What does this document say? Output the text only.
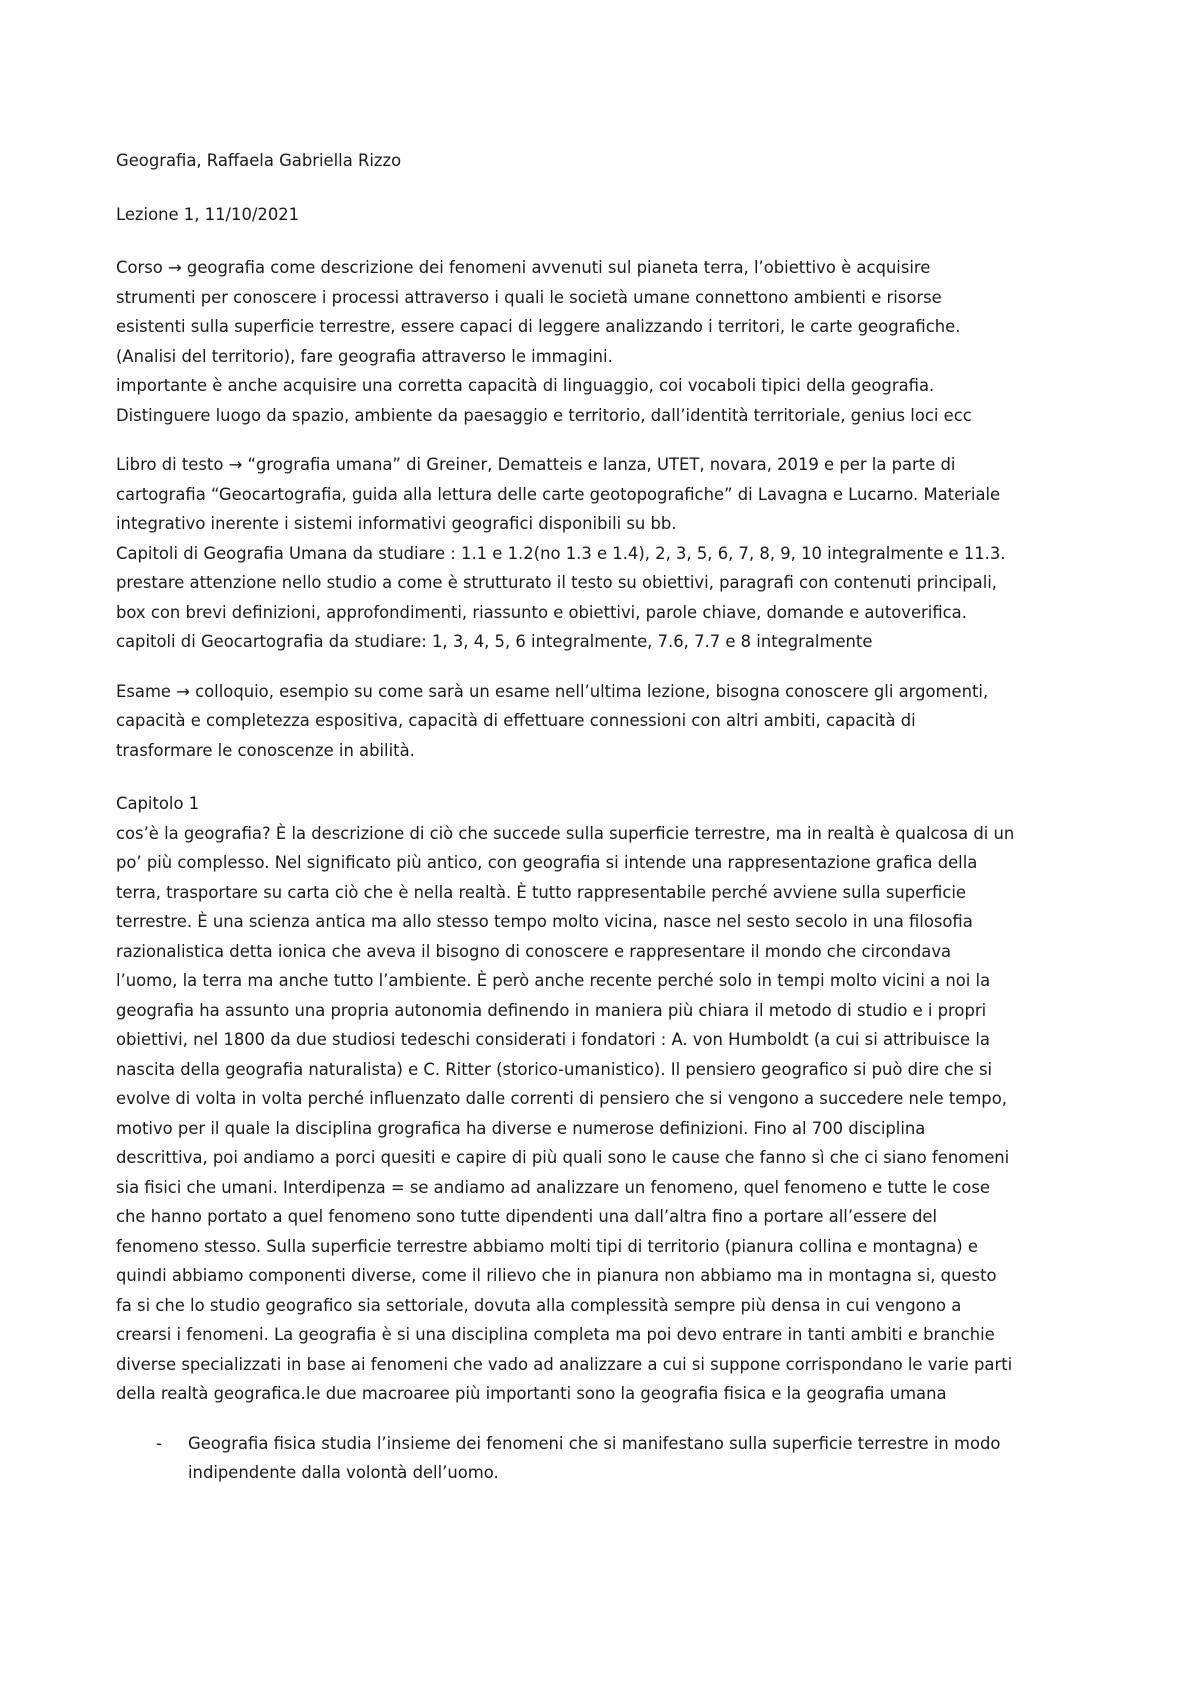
Geografia, Raffaela Gabriella Rizzo
Lezione 1, 11/10/2021
Corso → geografia come descrizione dei fenomeni avvenuti sul pianeta terra, l’obiettivo è acquisire
strumenti per conoscere i processi attraverso i quali le società umane connettono ambienti e risorse
esistenti sulla superficie terrestre, essere capaci di leggere analizzando i territori, le carte geografiche.
(Analisi del territorio), fare geografia attraverso le immagini.
importante è anche acquisire una corretta capacità di linguaggio, coi vocaboli tipici della geografia.
Distinguere luogo da spazio, ambiente da paesaggio e territorio, dall’identità territoriale, genius loci ecc
Libro di testo → “grografia umana” di Greiner, Dematteis e lanza, UTET, novara, 2019 e per la parte di
cartografia “Geocartografia, guida alla lettura delle carte geotopografiche” di Lavagna e Lucarno. Materiale
integrativo inerente i sistemi informativi geografici disponibili su bb.
Capitoli di Geografia Umana da studiare : 1.1 e 1.2(no 1.3 e 1.4), 2, 3, 5, 6, 7, 8, 9, 10 integralmente e 11.3.
prestare attenzione nello studio a come è strutturato il testo su obiettivi, paragrafi con contenuti principali,
box con brevi definizioni, approfondimenti, riassunto e obiettivi, parole chiave, domande e autoverifica.
capitoli di Geocartografia da studiare: 1, 3, 4, 5, 6 integralmente, 7.6, 7.7 e 8 integralmente
Esame → colloquio, esempio su come sarà un esame nell’ultima lezione, bisogna conoscere gli argomenti,
capacità e completezza espositiva, capacità di effettuare connessioni con altri ambiti, capacità di
trasformare le conoscenze in abilità.
Capitolo 1
cos’è la geografia? È la descrizione di ciò che succede sulla superficie terrestre, ma in realtà è qualcosa di un
po’ più complesso. Nel significato più antico, con geografia si intende una rappresentazione grafica della
terra, trasportare su carta ciò che è nella realtà. È tutto rappresentabile perché avviene sulla superficie
terrestre. È una scienza antica ma allo stesso tempo molto vicina, nasce nel sesto secolo in una filosofia
razionalistica detta ionica che aveva il bisogno di conoscere e rappresentare il mondo che circondava
l’uomo, la terra ma anche tutto l’ambiente. È però anche recente perché solo in tempi molto vicini a noi la
geografia ha assunto una propria autonomia definendo in maniera più chiara il metodo di studio e i propri
obiettivi, nel 1800 da due studiosi tedeschi considerati i fondatori : A. von Humboldt (a cui si attribuisce la
nascita della geografia naturalista) e C. Ritter (storico-umanistico). Il pensiero geografico si può dire che si
evolve di volta in volta perché influenzato dalle correnti di pensiero che si vengono a succedere nele tempo,
motivo per il quale la disciplina grografica ha diverse e numerose definizioni. Fino al 700 disciplina
descrittiva, poi andiamo a porci quesiti e capire di più quali sono le cause che fanno sì che ci siano fenomeni
sia fisici che umani. Interdipenza = se andiamo ad analizzare un fenomeno, quel fenomeno e tutte le cose
che hanno portato a quel fenomeno sono tutte dipendenti una dall’altra fino a portare all’essere del
fenomeno stesso. Sulla superficie terrestre abbiamo molti tipi di territorio (pianura collina e montagna) e
quindi abbiamo componenti diverse, come il rilievo che in pianura non abbiamo ma in montagna si, questo
fa si che lo studio geografico sia settoriale, dovuta alla complessità sempre più densa in cui vengono a
crearsi i fenomeni. La geografia è si una disciplina completa ma poi devo entrare in tanti ambiti e branchie
diverse specializzati in base ai fenomeni che vado ad analizzare a cui si suppone corrispondano le varie parti
della realtà geografica.le due macroaree più importanti sono la geografia fisica e la geografia umana
- Geografia fisica studia l’insieme dei fenomeni che si manifestano sulla superficie terrestre in modo
indipendente dalla volontà dell’uomo.
